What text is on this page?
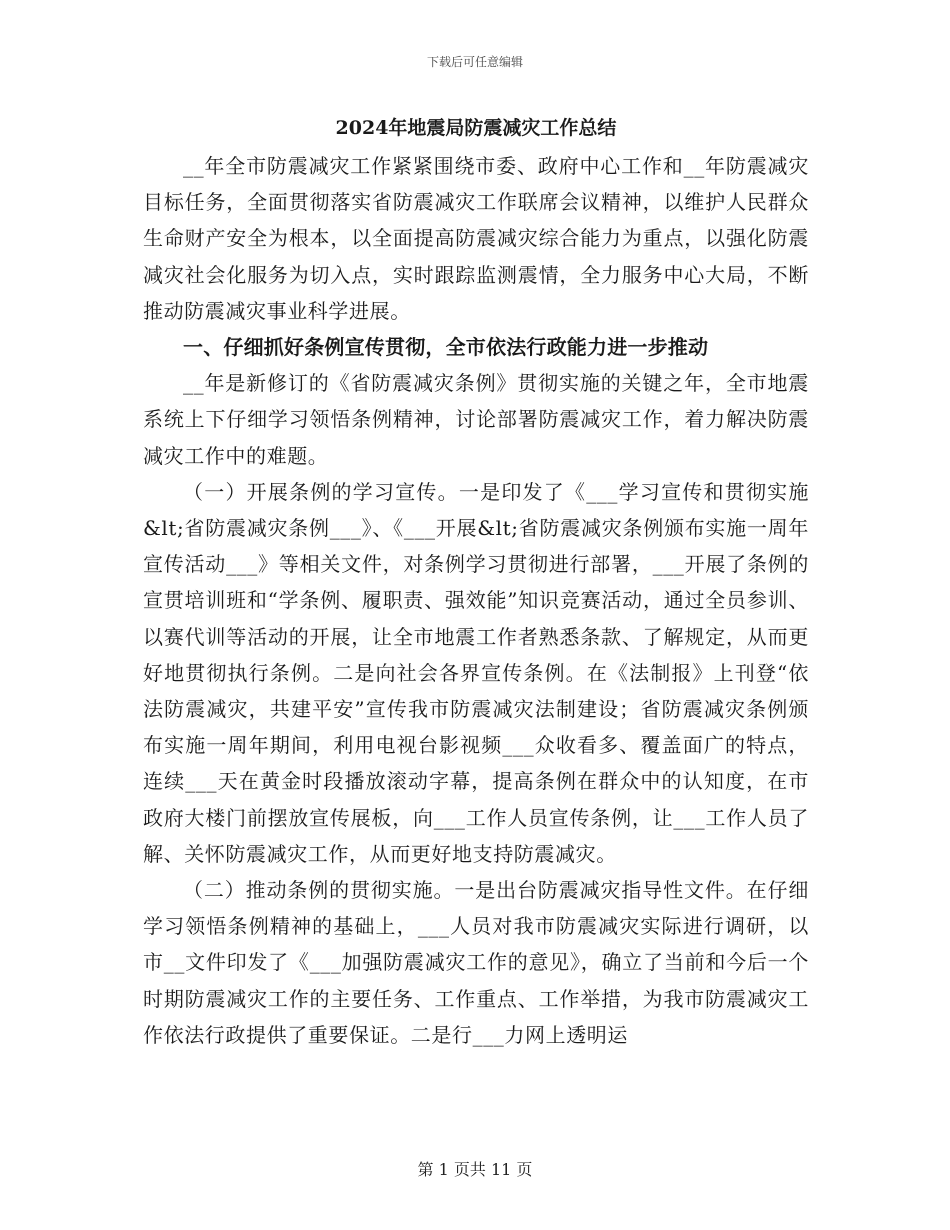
下载后可任意编辑
2024年地震局防震减灾工作总结

__年全市防震减灾工作紧紧围绕市委、政府中心工作和__年防震减灾目标任务，全面贯彻落实省防震减灾工作联席会议精神，以维护人民群众生命财产安全为根本，以全面提高防震减灾综合能力为重点，以强化防震减灾社会化服务为切入点，实时跟踪监测震情，全力服务中心大局，不断推动防震减灾事业科学进展。

一、仔细抓好条例宣传贯彻，全市依法行政能力进一步推动

__年是新修订的《省防震减灾条例》贯彻实施的关键之年，全市地震系统上下仔细学习领悟条例精神，讨论部署防震减灾工作，着力解决防震减灾工作中的难题。

（一）开展条例的学习宣传。一是印发了《___学习宣传和贯彻实施&lt;省防震减灾条例___》、《___开展&lt;省防震减灾条例颁布实施一周年宣传活动___》等相关文件，对条例学习贯彻进行部署，___开展了条例的宣贯培训班和“学条例、履职责、强效能”知识竞赛活动，通过全员参训、以赛代训等活动的开展，让全市地震工作者熟悉条款、了解规定，从而更好地贯彻执行条例。二是向社会各界宣传条例。在《法制报》上刊登“依法防震减灾，共建平安”宣传我市防震减灾法制建设；省防震减灾条例颁布实施一周年期间，利用电视台影视频___众收看多、覆盖面广的特点，连续___天在黄金时段播放滚动字幕，提高条例在群众中的认知度，在市政府大楼门前摆放宣传展板，向___工作人员宣传条例，让___工作人员了解、关怀防震减灾工作，从而更好地支持防震减灾。

（二）推动条例的贯彻实施。一是出台防震减灾指导性文件。在仔细学习领悟条例精神的基础上，___人员对我市防震减灾实际进行调研，以市__文件印发了《___加强防震减灾工作的意见》，确立了当前和今后一个时期防震减灾工作的主要任务、工作重点、工作举措，为我市防震减灾工作依法行政提供了重要保证。二是行___力网上透明运

第 1 页共 11 页
